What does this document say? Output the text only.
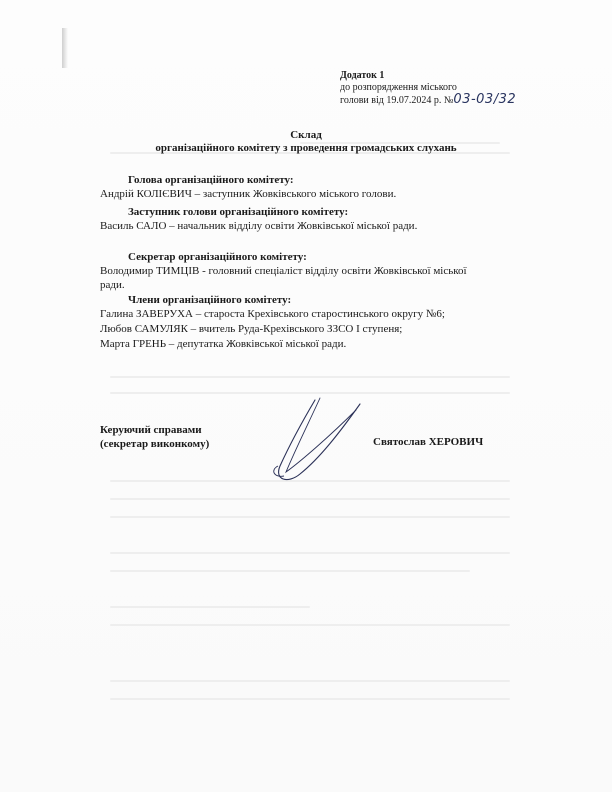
Додаток 1
до розпорядження міського
голови від 19.07.2024 р. №03-03/32
Склад
організаційного комітету з проведення громадських слухань
Голова організаційного комітету:
Андрій КОЛІЄВИЧ – заступник Жовківського міського голови.
Заступник голови організаційного комітету:
Василь САЛО – начальник відділу освіти Жовківської міської ради.
Секретар організаційного комітету:
Володимир ТИМЦІВ - головний спеціаліст відділу освіти Жовківської міської
ради.
Члени організаційного комітету:
Галина ЗАВЕРУХА – староста Крехівського старостинського округу №6;
Любов САМУЛЯК – вчитель Руда-Крехівського ЗЗСО І ступеня;
Марта ГРЕНЬ – депутатка Жовківської міської ради.
Керуючий справами
(секретар виконкому)	Святослав ХЕРОВИЧ
